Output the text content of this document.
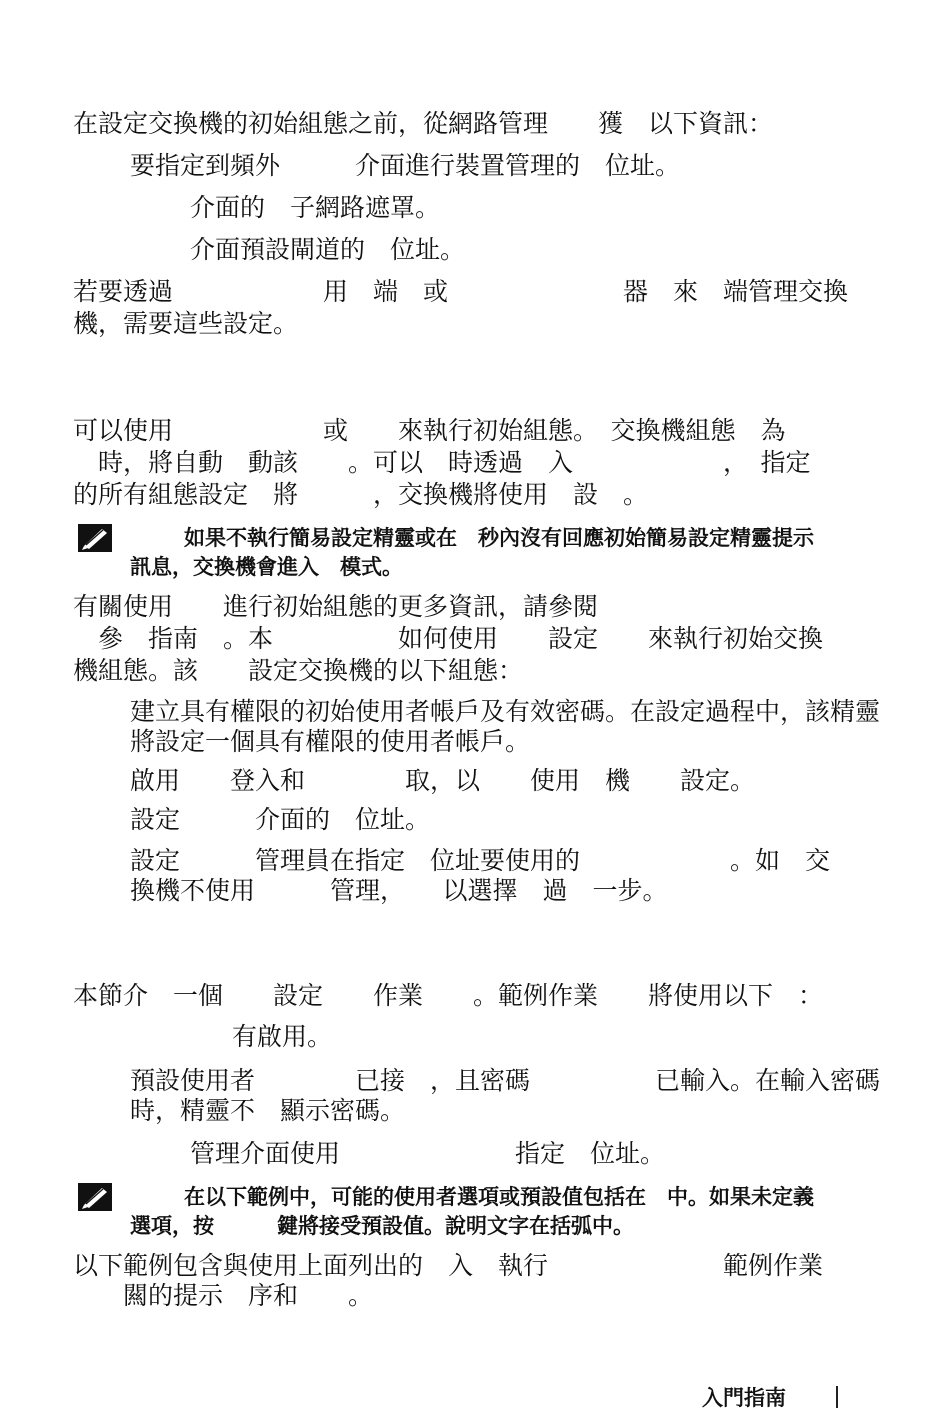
在設定交換機的初始組態之前，從網路管理　　獲　以下資訊：
要指定到頻外　　　介面進行裝置管理的　位址。
介面的　子網路遮罩。
介面預設閘道的　位址。
若要透過　　　　　　用　端　或　　　　　　　器　來　端管理交換
機，需要這些設定。
可以使用　　　　　　或　　來執行初始組態。　交換機組態　為
　時，將自動　動該　　。可以　時透過　入　　　　　　，　指定
的所有組態設定　將　　　，交換機將使用　設　。
如果不執行簡易設定精靈或在　秒內沒有回應初始簡易設定精靈提示
訊息，交換機會進入　模式。
有關使用　　進行初始組態的更多資訊，請參閱
　參　指南　。本　　　　　如何使用　　設定　　來執行初始交換
機組態。該　　設定交換機的以下組態：
建立具有權限的初始使用者帳戶及有效密碼。在設定過程中，該精靈
將設定一個具有權限的使用者帳戶。
啟用　　登入和　　　　取，以　　使用　機　　設定。
設定　　　介面的　位址。
設定　　　管理員在指定　位址要使用的　　　　　　。如　交
換機不使用　　　管理，　　以選擇　過　一步。
本節介　一個　　設定　　作業　　。範例作業　　將使用以下　：
有啟用。
預設使用者　　　　已接　，且密碼　　　　　已輸入。在輸入密碼
時，精靈不　顯示密碼。
管理介面使用　　　　　　　指定　位址。
在以下範例中，可能的使用者選項或預設值包括在　中。如果未定義
選項，按　　　鍵將接受預設值。說明文字在括弧中。
以下範例包含與使用上面列出的　入　執行　　　　　　　範例作業
　　闗的提示　序和　　。
入門指南
